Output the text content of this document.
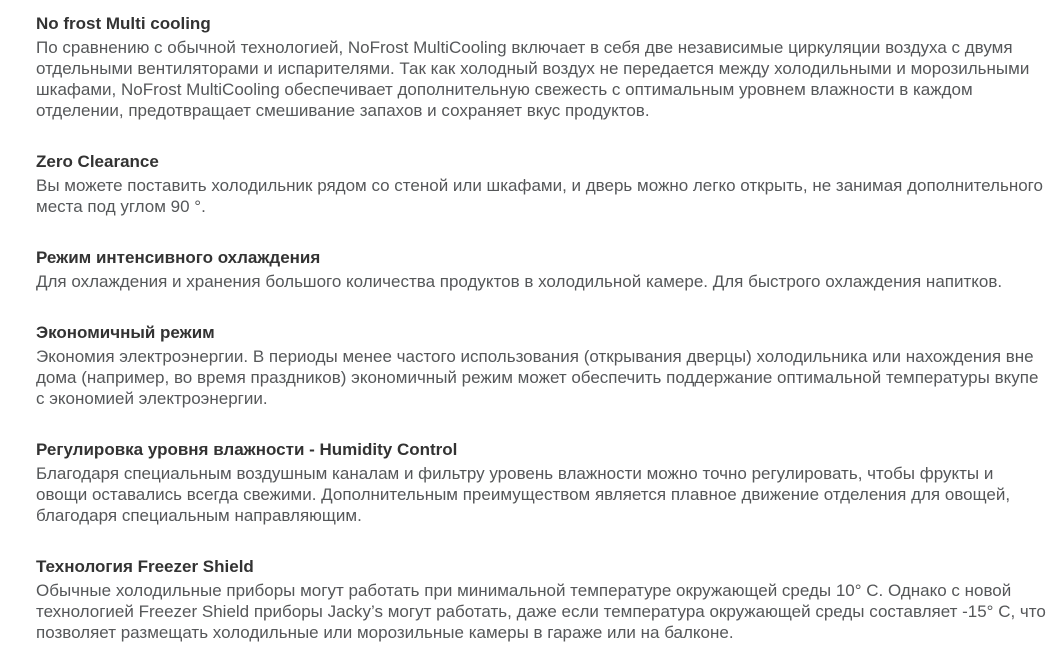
No frost Multi cooling

По сравнению с обычной технологией, NoFrost MultiCooling включает в себя две независимые циркуляции воздуха с двумя отдельными вентиляторами и испарителями. Так как холодный воздух не передается между холодильными и морозильными шкафами, NoFrost MultiCooling обеспечивает дополнительную свежесть с оптимальным уровнем влажности в каждом отделении, предотвращает смешивание запахов и сохраняет вкус продуктов.

Zero Clearance

Вы можете поставить холодильник рядом со стеной или шкафами, и дверь можно легко открыть, не занимая дополнительного места под углом 90 °.

Режим интенсивного охлаждения

Для охлаждения и хранения большого количества продуктов в холодильной камере. Для быстрого охлаждения напитков.

Экономичный режим

Экономия электроэнергии. В периоды менее частого использования (открывания дверцы) холодильника или нахождения вне дома (например, во время праздников) экономичный режим может обеспечить поддержание оптимальной температуры вкупе с экономией электроэнергии.

Регулировка уровня влажности - Humidity Control

Благодаря специальным воздушным каналам и фильтру уровень влажности можно точно регулировать, чтобы фрукты и овощи оставались всегда свежими. Дополнительным преимуществом является плавное движение отделения для овощей, благодаря специальным направляющим.

Технология Freezer Shield

Обычные холодильные приборы могут работать при минимальной температуре окружающей среды 10° C. Однако с новой технологией Freezer Shield приборы Jacky’s могут работать, даже если температура окружающей среды составляет -15° C, что позволяет размещать холодильные или морозильные камеры в гараже или на балконе.
